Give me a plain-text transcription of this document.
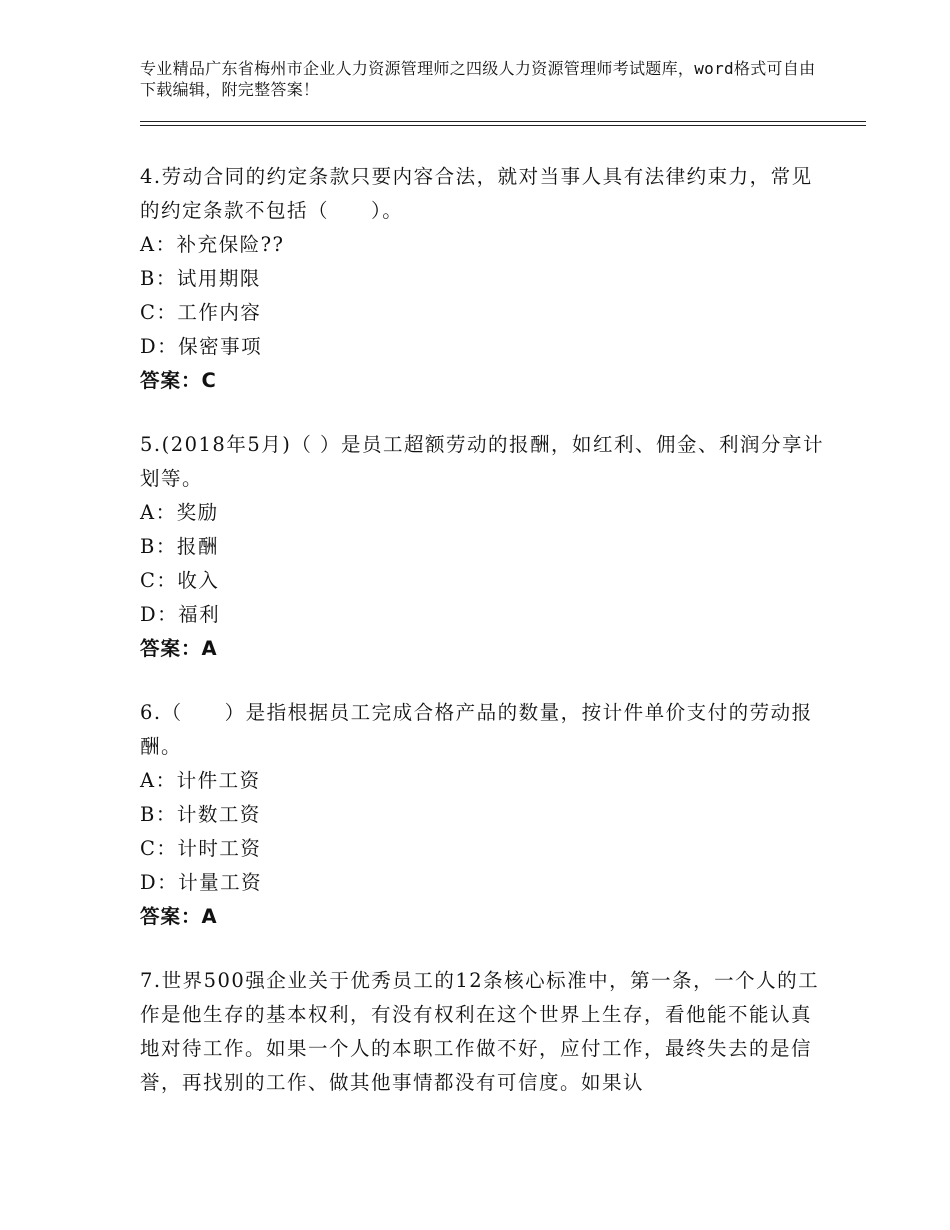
专业精品广东省梅州市企业人力资源管理师之四级人力资源管理师考试题库，word格式可自由下载编辑，附完整答案！
4.劳动合同的约定条款只要内容合法，就对当事人具有法律约束力，常见的约定条款不包括（　　）。
A：补充保险??
B：试用期限
C：工作内容
D：保密事项
答案：C
5.(2018年5月)（ ）是员工超额劳动的报酬，如红利、佣金、利润分享计划等。
A：奖励
B：报酬
C：收入
D：福利
答案：A
6.（　　）是指根据员工完成合格产品的数量，按计件单价支付的劳动报酬。
A：计件工资
B：计数工资
C：计时工资
D：计量工资
答案：A
7.世界500强企业关于优秀员工的12条核心标准中，第一条，一个人的工作是他生存的基本权利，有没有权利在这个世界上生存，看他能不能认真地对待工作。如果一个人的本职工作做不好，应付工作，最终失去的是信誉，再找别的工作、做其他事情都没有可信度。如果认
